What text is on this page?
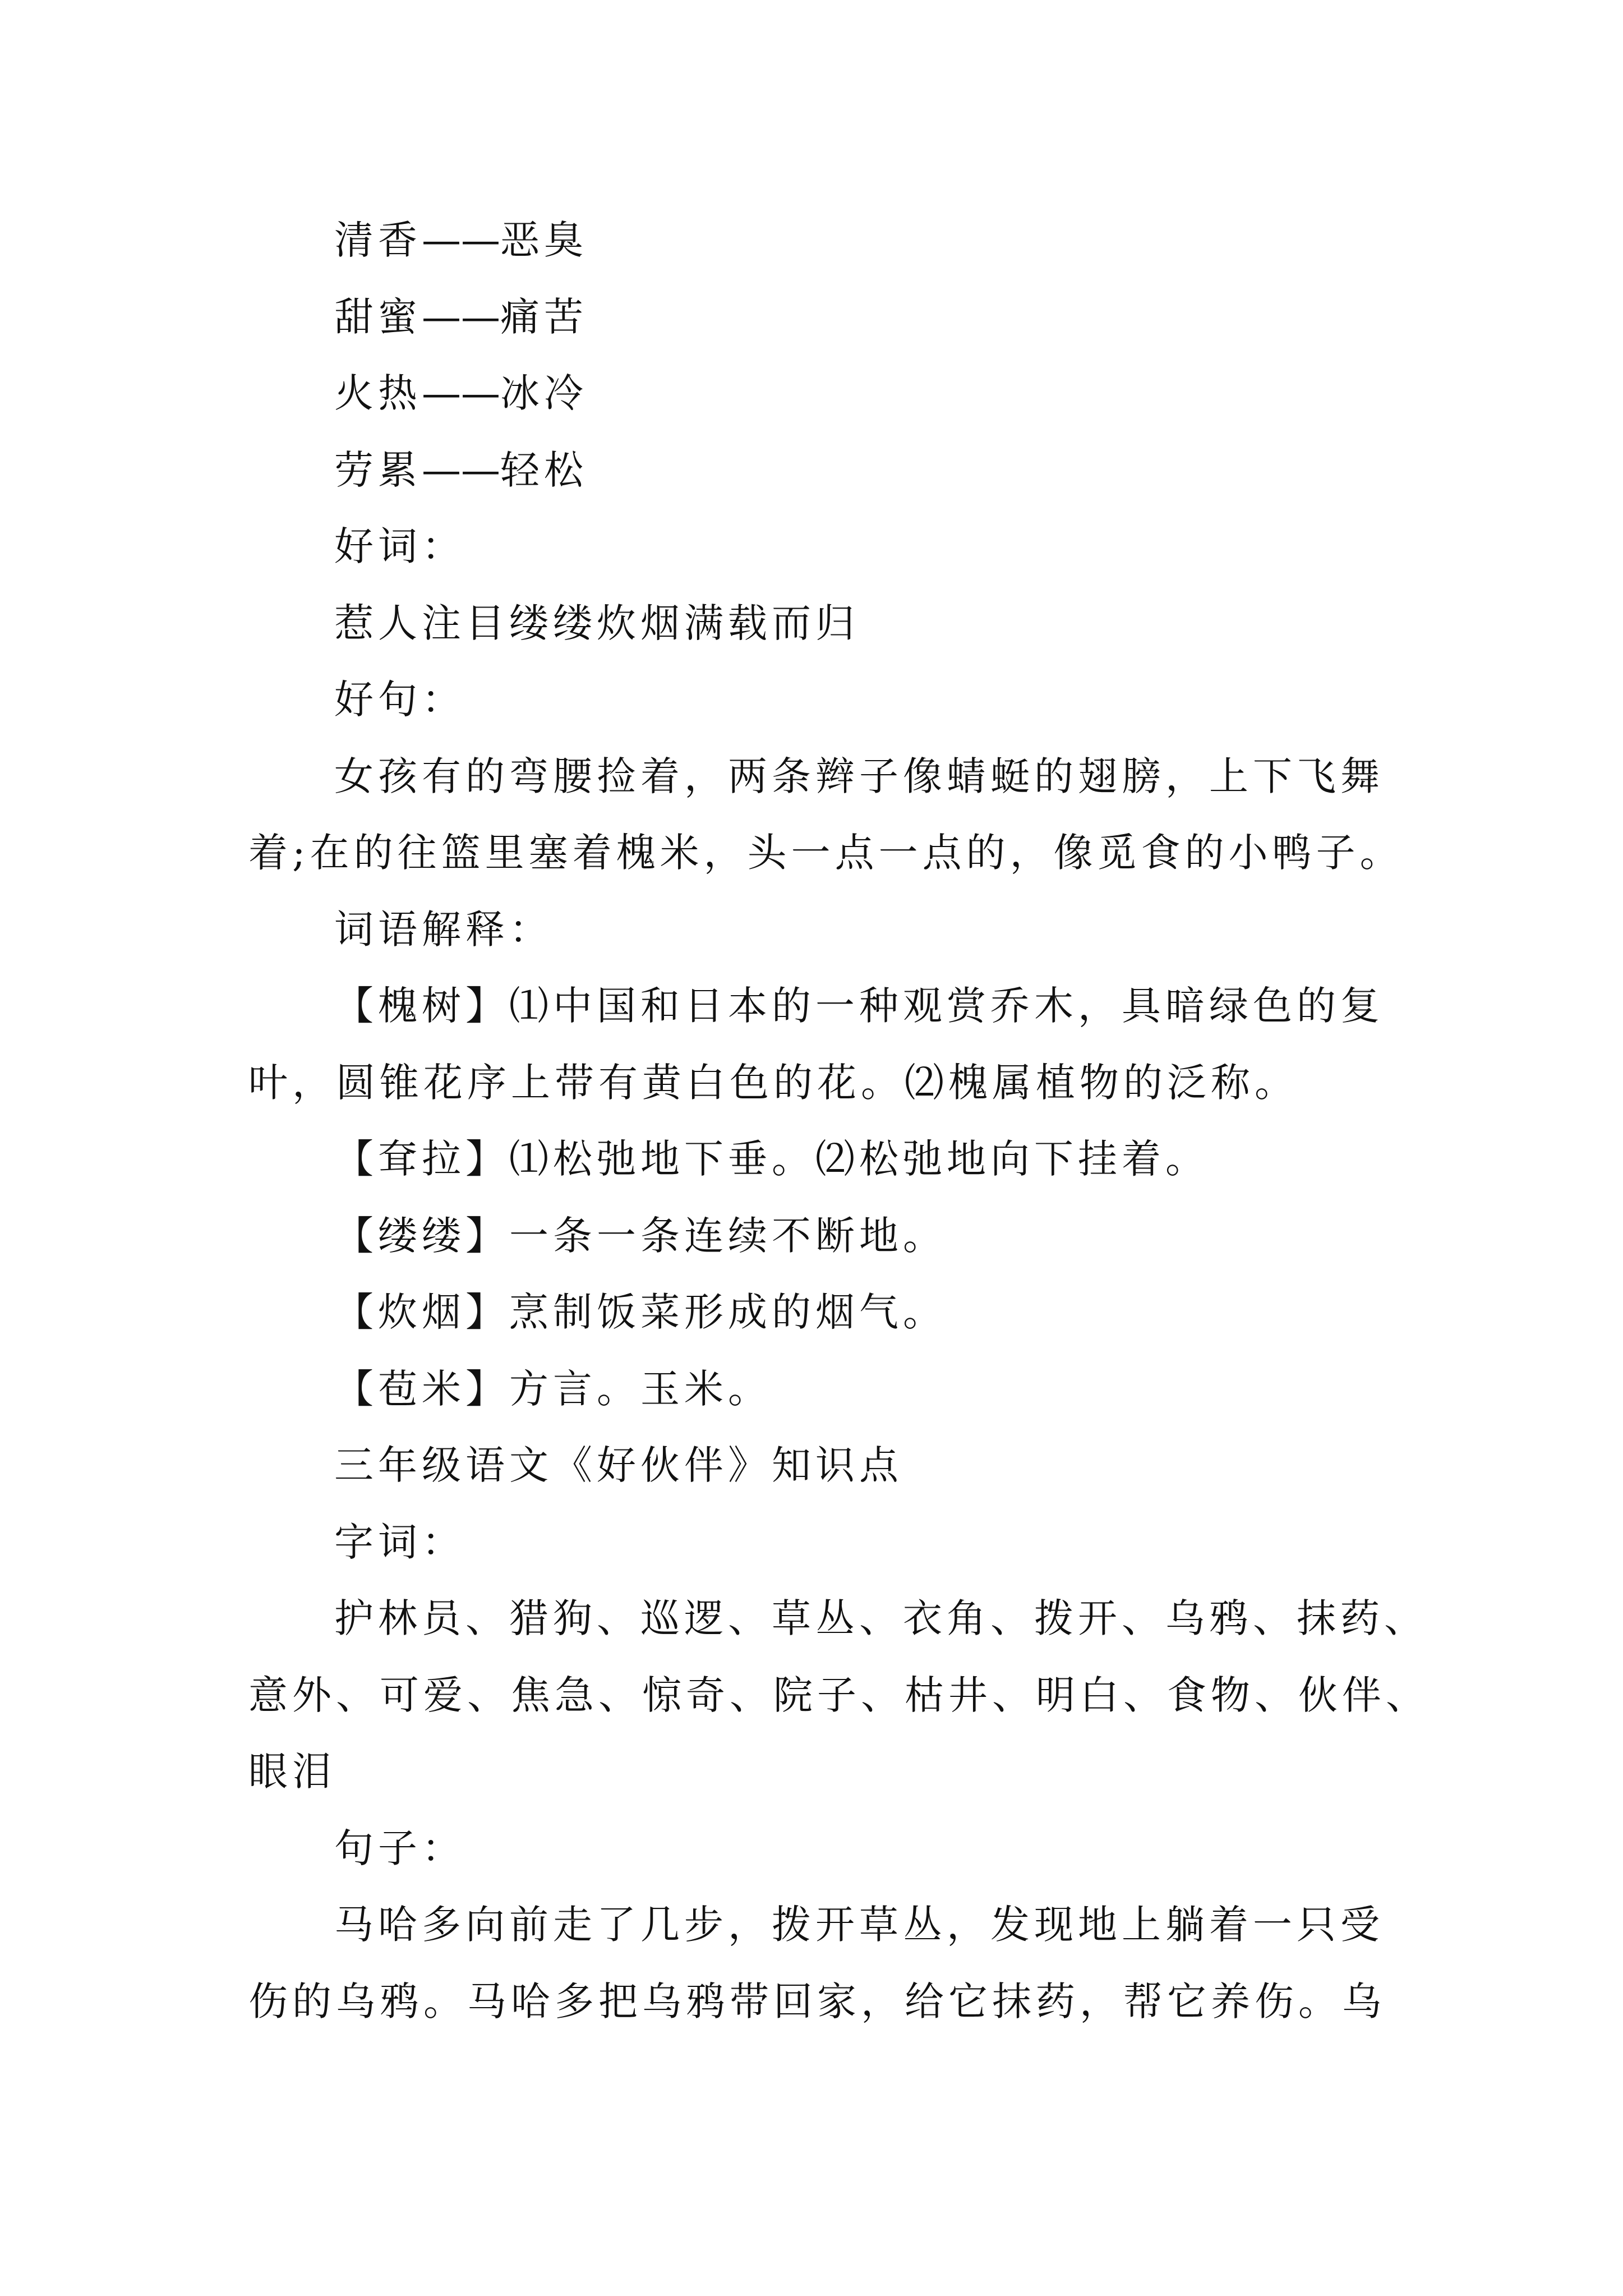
清香——恶臭
甜蜜——痛苦
火热——冰冷
劳累——轻松
好词：
惹人注目缕缕炊烟满载而归
好句：
女孩有的弯腰捡着，两条辫子像蜻蜓的翅膀，上下飞舞
着;在的往篮里塞着槐米，头一点一点的，像觅食的小鸭子。
词语解释：
【槐树】⑴中国和日本的一种观赏乔木，具暗绿色的复
叶，圆锥花序上带有黄白色的花。⑵槐属植物的泛称。
【耷拉】⑴松弛地下垂。⑵松弛地向下挂着。
【缕缕】一条一条连续不断地。
【炊烟】烹制饭菜形成的烟气。
【苞米】方言。玉米。
三年级语文《好伙伴》知识点
字词：
护林员、猎狗、巡逻、草丛、衣角、拨开、乌鸦、抹药、
意外、可爱、焦急、惊奇、院子、枯井、明白、食物、伙伴、
眼泪
句子：
马哈多向前走了几步，拨开草丛，发现地上躺着一只受
伤的乌鸦。马哈多把乌鸦带回家，给它抹药，帮它养伤。乌
